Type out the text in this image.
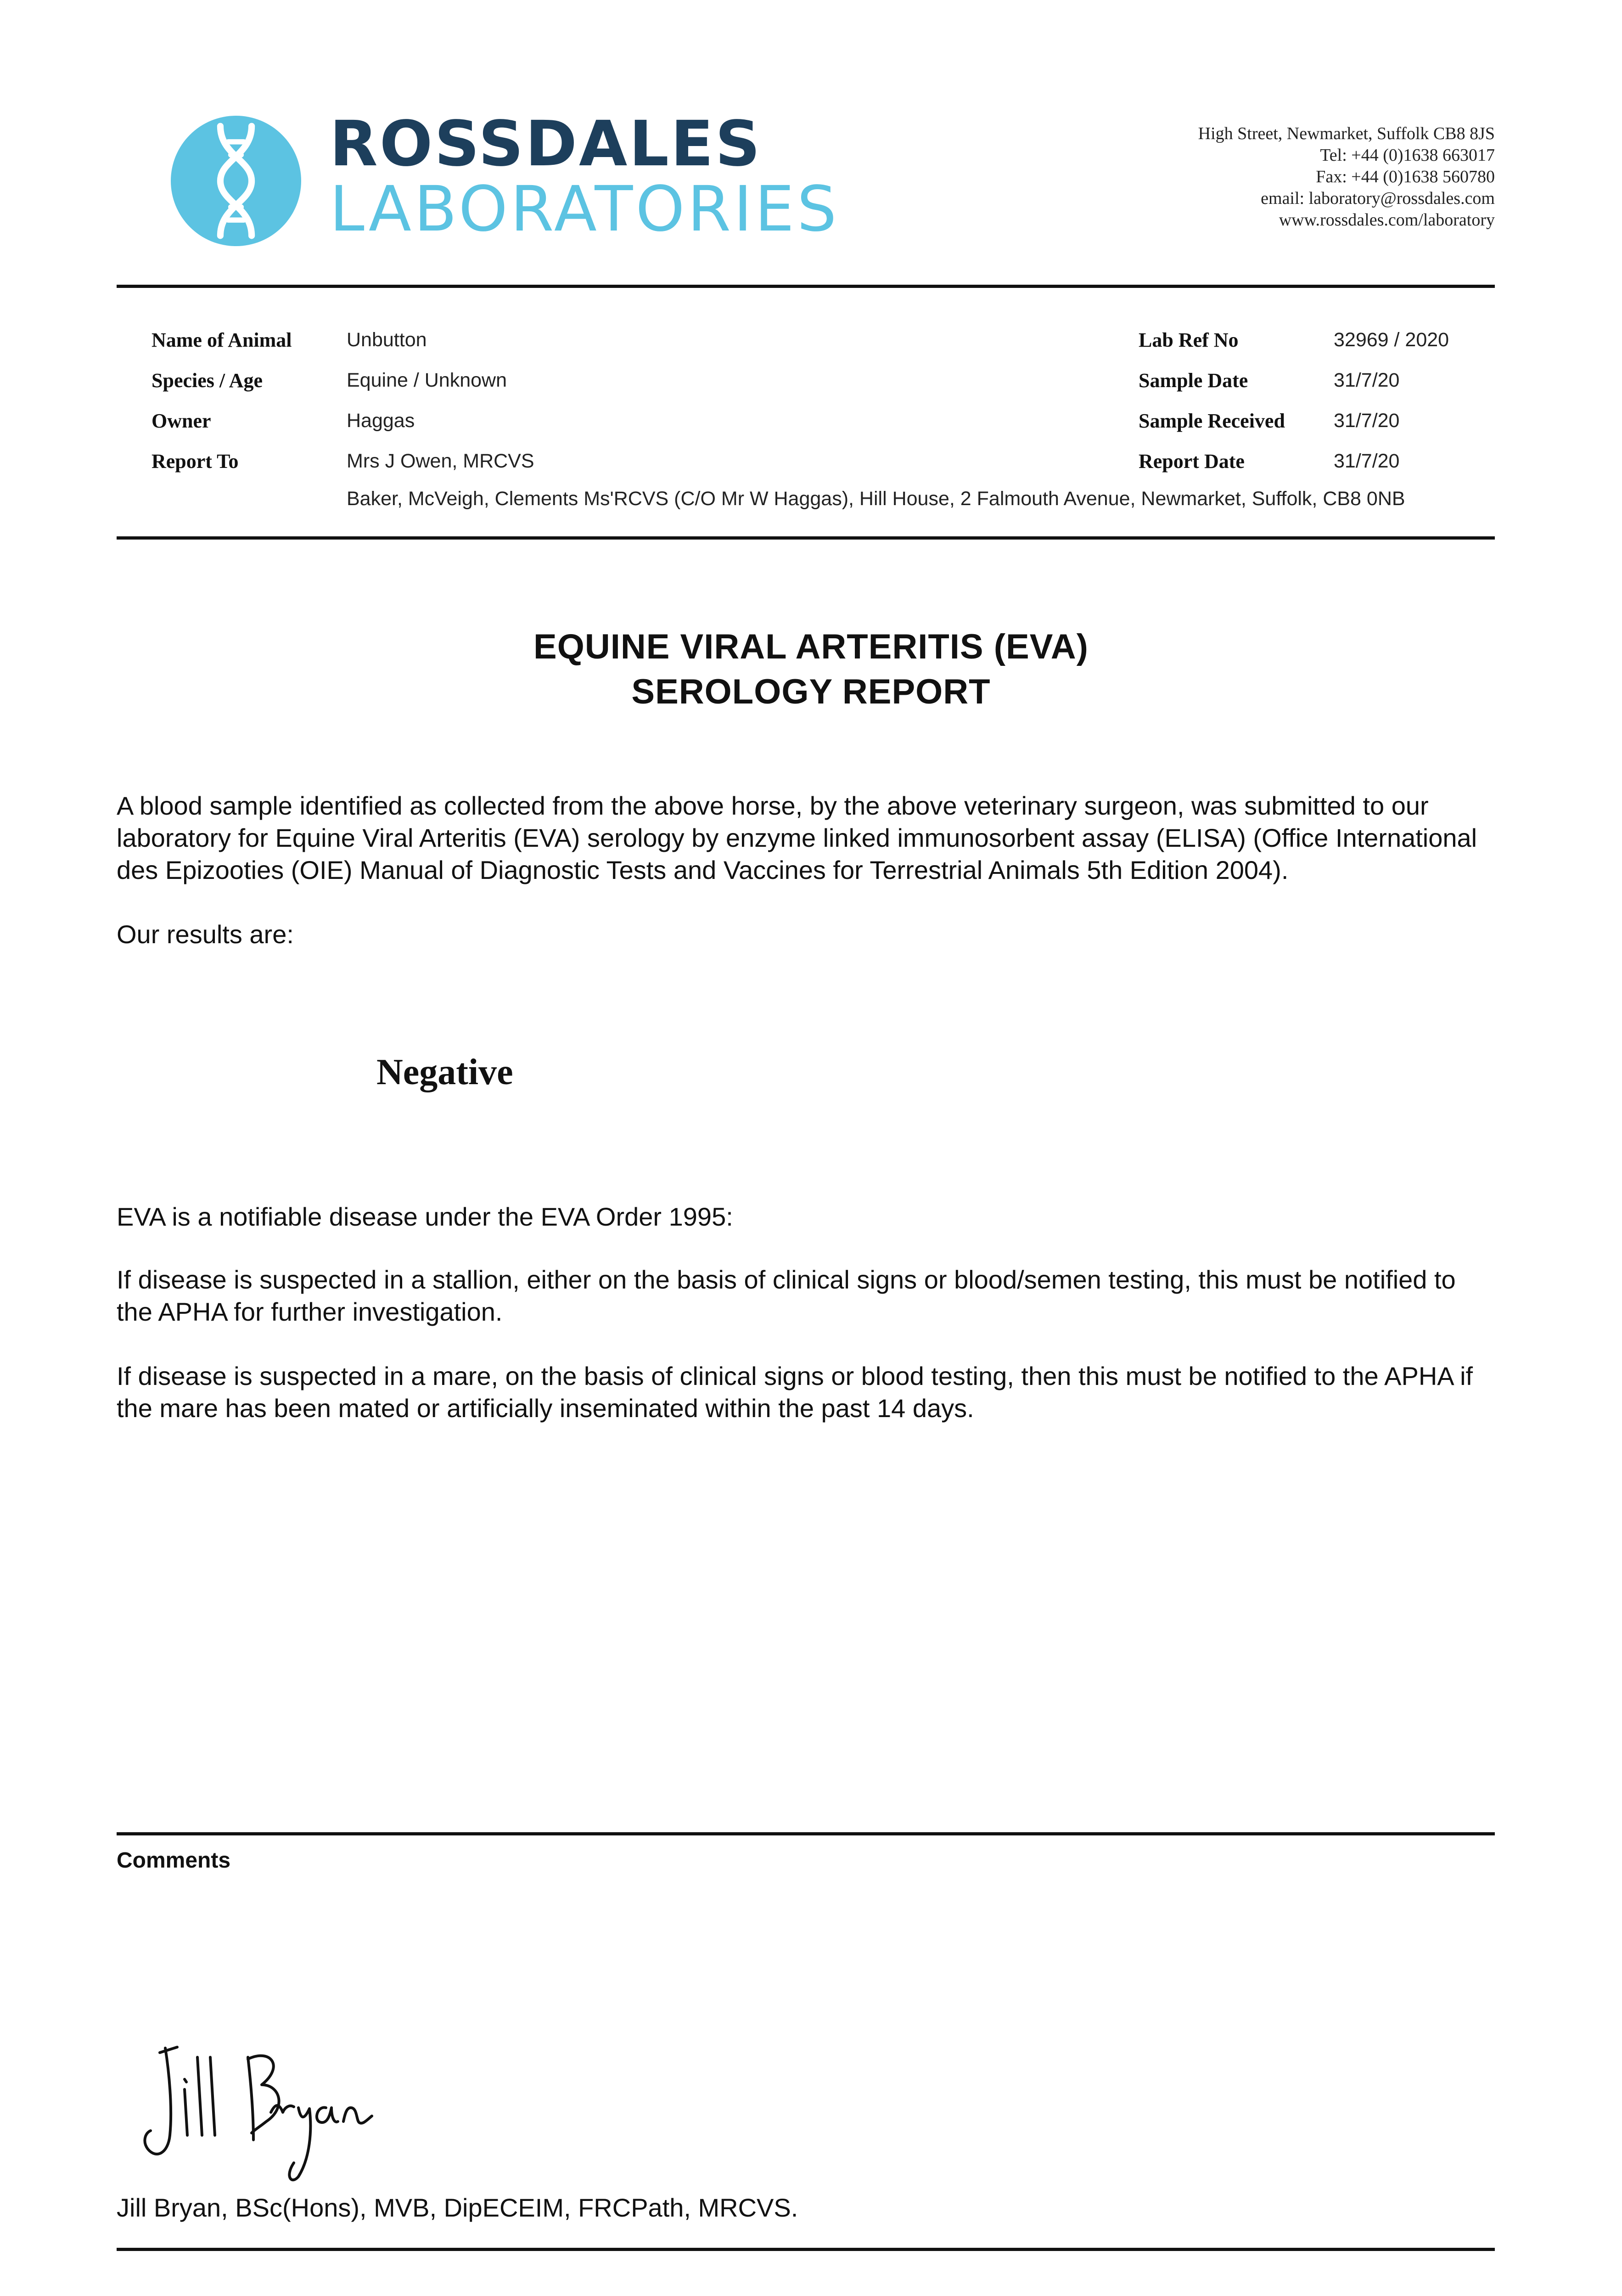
ROSSDALES
LABORATORIES
High Street, Newmarket, Suffolk CB8 8JS
Tel: +44 (0)1638 663017
Fax: +44 (0)1638 560780
email: laboratory@rossdales.com
www.rossdales.com/laboratory
Name of Animal	Unbutton
Species / Age	Equine / Unknown
Owner	Haggas
Report To	Mrs J Owen, MRCVS
Baker, McVeigh, Clements Ms'RCVS (C/O Mr W Haggas), Hill House, 2 Falmouth Avenue, Newmarket, Suffolk, CB8 0NB
Lab Ref No	32969 / 2020
Sample Date	31/7/20
Sample Received 31/7/20
Report Date	31/7/20
EQUINE VIRAL ARTERITIS (EVA)
SEROLOGY REPORT
A blood sample identified as collected from the above horse, by the above veterinary surgeon, was submitted to our laboratory for Equine Viral Arteritis (EVA) serology by enzyme linked immunosorbent assay (ELISA) (Office International des Epizooties (OIE) Manual of Diagnostic Tests and Vaccines for Terrestrial Animals 5th Edition 2004).
Our results are:
Negative
EVA is a notifiable disease under the EVA Order 1995:
If disease is suspected in a stallion, either on the basis of clinical signs or blood/semen testing, this must be notified to the APHA for further investigation.
If disease is suspected in a mare, on the basis of clinical signs or blood testing, then this must be notified to the APHA if the mare has been mated or artificially inseminated within the past 14 days.
Comments
Jill Bryan, BSc(Hons), MVB, DipECEIM, FRCPath, MRCVS.
